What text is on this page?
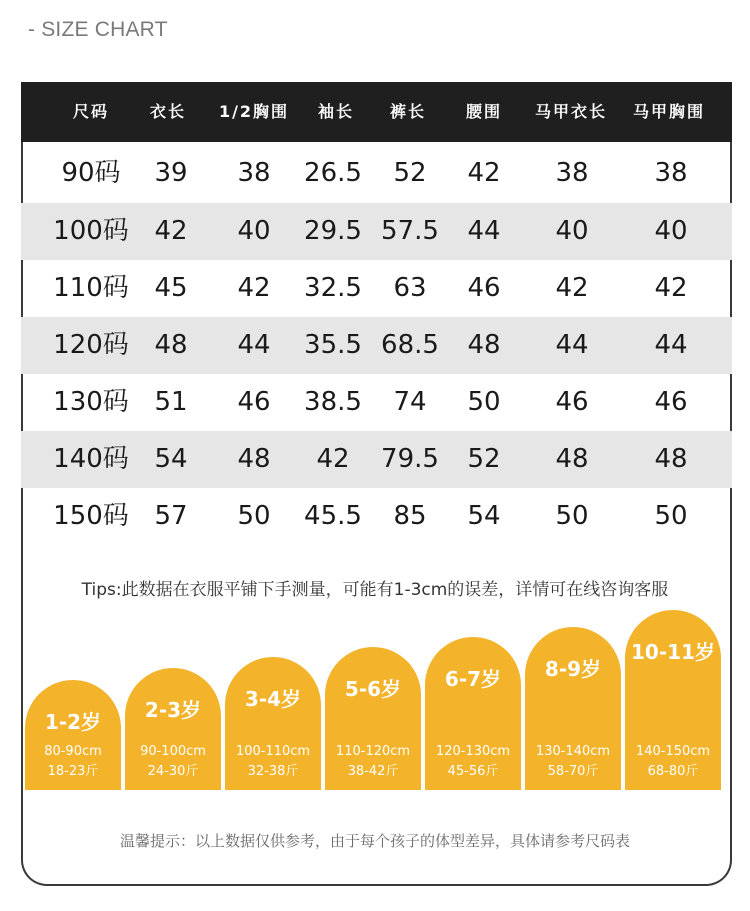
- SIZE CHART
尺码	衣长 1/2胸围 袖长 裤长 腰围 马甲衣长 马甲胸围
90码 39 38 26.5 52 42 38	38
100码 42 40 29.5 57.5 44 40	40
110码 45 42 32.5 63 46 42	42
120码 48 44 35.5 68.5 48 44	44
130码 51 46 38.5 74 50 46	46
140码 54 48 42 79.5 52 48	48
150码 57 50 45.5 85 54 50	50
Tips:此数据在衣服平铺下手测量，可能有1-3cm的误差，详情可在线咨询客服
1-2岁
80-90cm
18-23斤
2-3岁
90-100cm
24-30斤
3-4岁
100-110cm
32-38斤
5-6岁
110-120cm
38-42斤
6-7岁
120-130cm
45-56斤
8-9岁
130-140cm
58-70斤
10-11岁
140-150cm
68-80斤
温馨提示：以上数据仅供参考，由于每个孩子的体型差异，具体请参考尺码表
